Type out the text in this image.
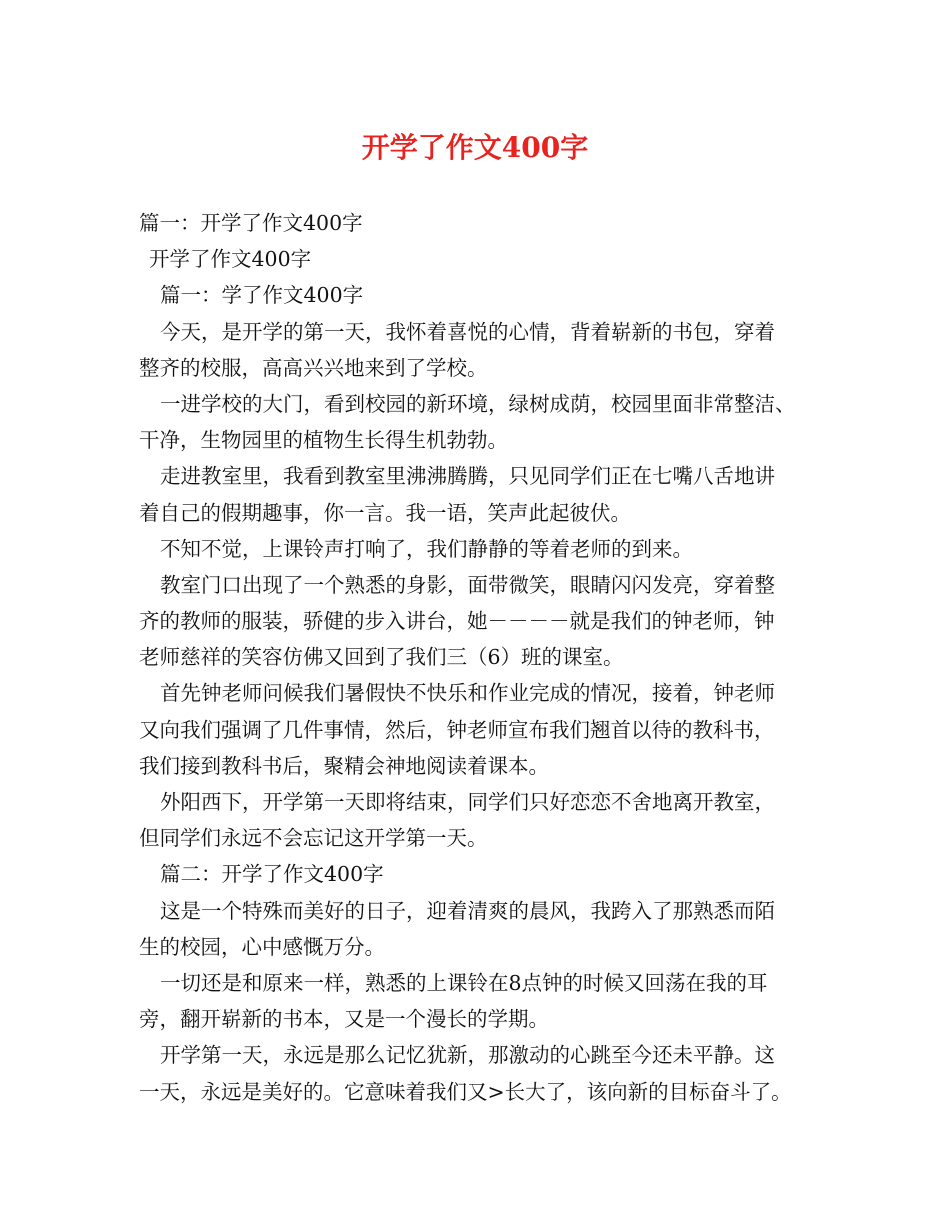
开学了作文400字
篇一：开学了作文400字
开学了作文400字
篇一：学了作文400字
今天，是开学的第一天，我怀着喜悦的心情，背着崭新的书包，穿着
整齐的校服，高高兴兴地来到了学校。
一进学校的大门，看到校园的新环境，绿树成荫，校园里面非常整洁、
干净，生物园里的植物生长得生机勃勃。
走进教室里，我看到教室里沸沸腾腾，只见同学们正在七嘴八舌地讲
着自己的假期趣事，你一言。我一语，笑声此起彼伏。
不知不觉，上课铃声打响了，我们静静的等着老师的到来。
教室门口出现了一个熟悉的身影，面带微笑，眼睛闪闪发亮，穿着整
齐的教师的服装，骄健的步入讲台，她－－－－就是我们的钟老师，钟
老师慈祥的笑容仿佛又回到了我们三（6）班的课室。
首先钟老师问候我们暑假快不快乐和作业完成的情况，接着，钟老师
又向我们强调了几件事情，然后，钟老师宣布我们翘首以待的教科书，
我们接到教科书后，聚精会神地阅读着课本。
外阳西下，开学第一天即将结束，同学们只好恋恋不舍地离开教室，
但同学们永远不会忘记这开学第一天。
篇二：开学了作文400字
这是一个特殊而美好的日子，迎着清爽的晨风，我跨入了那熟悉而陌
生的校园，心中感慨万分。
一切还是和原来一样，熟悉的上课铃在8点钟的时候又回荡在我的耳
旁，翻开崭新的书本，又是一个漫长的学期。
开学第一天，永远是那么记忆犹新，那激动的心跳至今还未平静。这
一天，永远是美好的。它意味着我们又>长大了，该向新的目标奋斗了。
